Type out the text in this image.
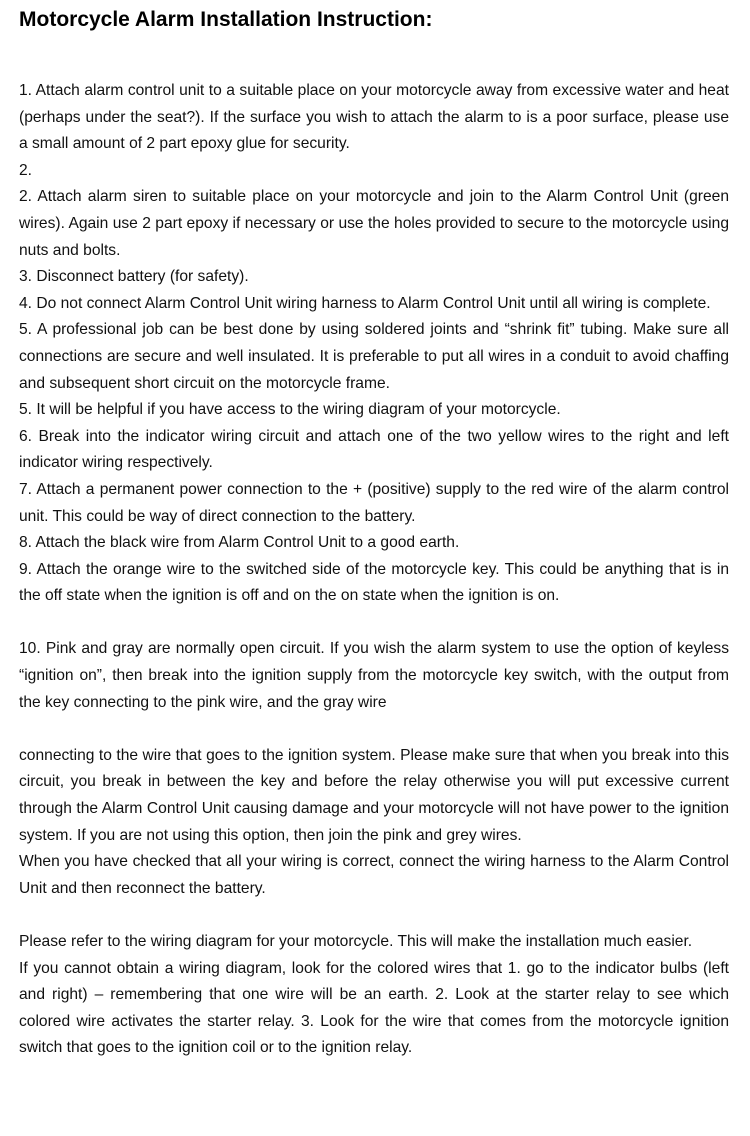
Motorcycle Alarm Installation Instruction:

1. Attach alarm control unit to a suitable place on your motorcycle away from excessive water and heat (perhaps under the seat?). If the surface you wish to attach the alarm to is a poor surface, please use a small amount of 2 part epoxy glue for security.

2.

2. Attach alarm siren to suitable place on your motorcycle and join to the Alarm Control Unit (green wires). Again use 2 part epoxy if necessary or use the holes provided to secure to the motorcycle using nuts and bolts.

3. Disconnect battery (for safety).

4. Do not connect Alarm Control Unit wiring harness to Alarm Control Unit until all wiring is complete.

5. A professional job can be best done by using soldered joints and “shrink fit” tubing. Make sure all connections are secure and well insulated. It is preferable to put all wires in a conduit to avoid chaffing and subsequent short circuit on the motorcycle frame.

5. It will be helpful if you have access to the wiring diagram of your motorcycle.

6. Break into the indicator wiring circuit and attach one of the two yellow wires to the right and left indicator wiring respectively.

7. Attach a permanent power connection to the + (positive) supply to the red wire of the alarm control unit. This could be way of direct connection to the battery.

8. Attach the black wire from Alarm Control Unit to a good earth.

9. Attach the orange wire to the switched side of the motorcycle key. This could be anything that is in the off state when the ignition is off and on the on state when the ignition is on.

10. Pink and gray are normally open circuit. If you wish the alarm system to use the option of keyless “ignition on”, then break into the ignition supply from the motorcycle key switch, with the output from the key connecting to the pink wire, and the gray wire

connecting to the wire that goes to the ignition system. Please make sure that when you break into this circuit, you break in between the key and before the relay otherwise you will put excessive current through the Alarm Control Unit causing damage and your motorcycle will not have power to the ignition system. If you are not using this option, then join the pink and grey wires.

When you have checked that all your wiring is correct, connect the wiring harness to the Alarm Control Unit and then reconnect the battery.

Please refer to the wiring diagram for your motorcycle. This will make the installation much easier.

If you cannot obtain a wiring diagram, look for the colored wires that 1. go to the indicator bulbs (left and right) – remembering that one wire will be an earth. 2. Look at the starter relay to see which colored wire activates the starter relay. 3. Look for the wire that comes from the motorcycle ignition switch that goes to the ignition coil or to the ignition relay.
